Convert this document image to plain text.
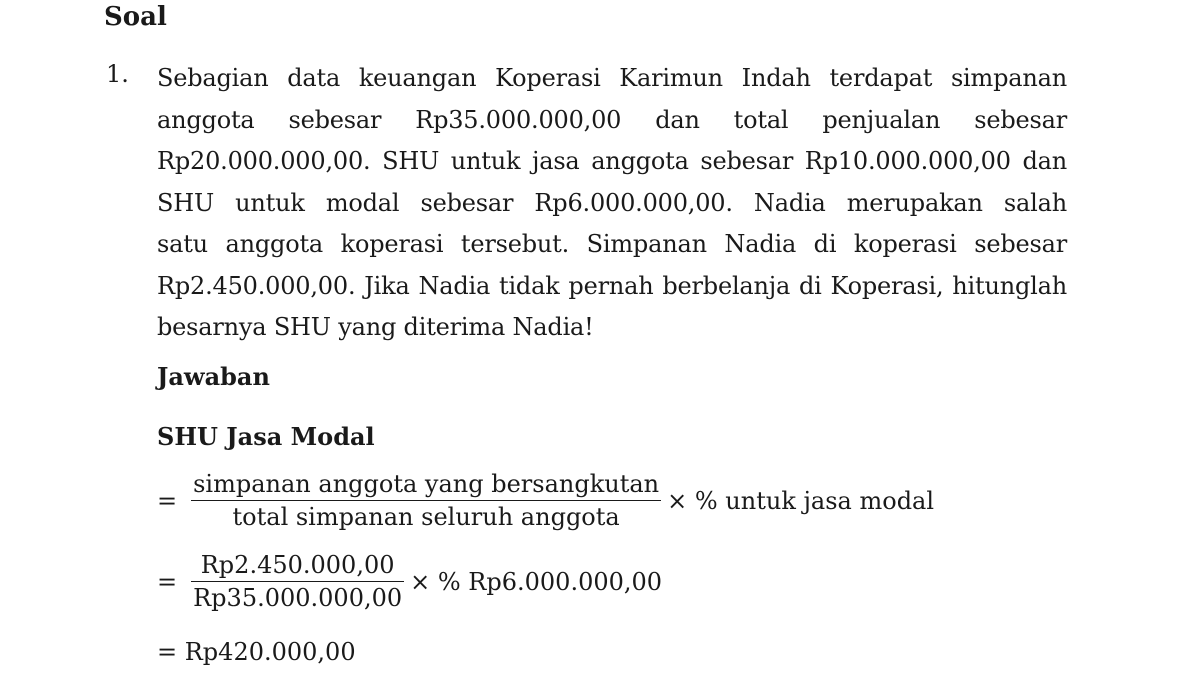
Soal
1. Sebagian data keuangan Koperasi Karimun Indah terdapat simpanan
anggota sebesar Rp35.000.000,00 dan total penjualan sebesar
Rp20.000.000,00. SHU untuk jasa anggota sebesar Rp10.000.000,00 dan
SHU untuk modal sebesar Rp6.000.000,00. Nadia merupakan salah
satu anggota koperasi tersebut. Simpanan Nadia di koperasi sebesar
Rp2.450.000,00. Jika Nadia tidak pernah berbelanja di Koperasi, hitunglah
besarnya SHU yang diterima Nadia!
Jawaban
SHU Jasa Modal
= $\frac{\text{simpanan anggota yang bersangkutan}}{\text{total simpanan seluruh anggota}}$ × % untuk jasa modal
= $\frac{Rp2.450.000,00}{Rp35.000.000,00}$ × % Rp6.000.000,00
= Rp420.000,00
